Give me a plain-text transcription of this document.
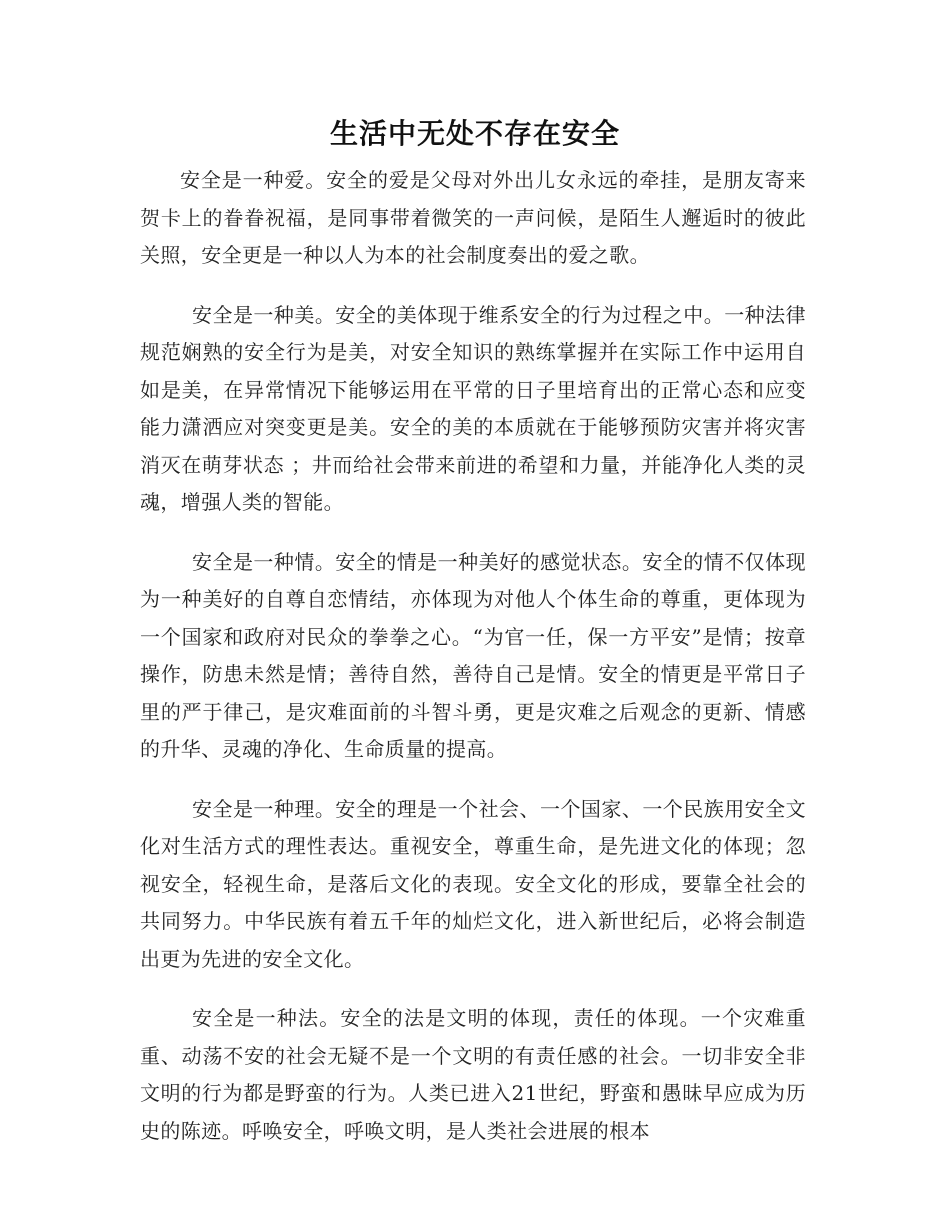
生活中无处不存在安全

安全是一种爱。安全的爱是父母对外出儿女永远的牵挂，是朋友寄来贺卡上的眷眷祝福，是同事带着微笑的一声问候，是陌生人邂逅时的彼此关照，安全更是一种以人为本的社会制度奏出的爱之歌。

安全是一种美。安全的美体现于维系安全的行为过程之中。一种法律规范娴熟的安全行为是美，对安全知识的熟练掌握并在实际工作中运用自如是美，在异常情况下能够运用在平常的日子里培育出的正常心态和应变能力潇洒应对突变更是美。安全的美的本质就在于能够预防灾害并将灾害消灭在萌芽状态 ；井而给社会带来前进的希望和力量，并能净化人类的灵魂，增强人类的智能。

安全是一种情。安全的情是一种美好的感觉状态。安全的情不仅体现为一种美好的自尊自恋情结，亦体现为对他人个体生命的尊重，更体现为一个国家和政府对民众的拳拳之心。“为官一任，保一方平安”是情；按章操作，防患未然是情；善待自然，善待自己是情。安全的情更是平常日子里的严于律己，是灾难面前的斗智斗勇，更是灾难之后观念的更新、情感的升华、灵魂的净化、生命质量的提高。

安全是一种理。安全的理是一个社会、一个国家、一个民族用安全文化对生活方式的理性表达。重视安全，尊重生命，是先进文化的体现；忽视安全，轻视生命，是落后文化的表现。安全文化的形成，要靠全社会的共同努力。中华民族有着五千年的灿烂文化，进入新世纪后，必将会制造出更为先进的安全文化。

安全是一种法。安全的法是文明的体现，责任的体现。一个灾难重重、动荡不安的社会无疑不是一个文明的有责任感的社会。一切非安全非文明的行为都是野蛮的行为。人类已进入21世纪，野蛮和愚昧早应成为历史的陈迹。呼唤安全，呼唤文明，是人类社会进展的根本
